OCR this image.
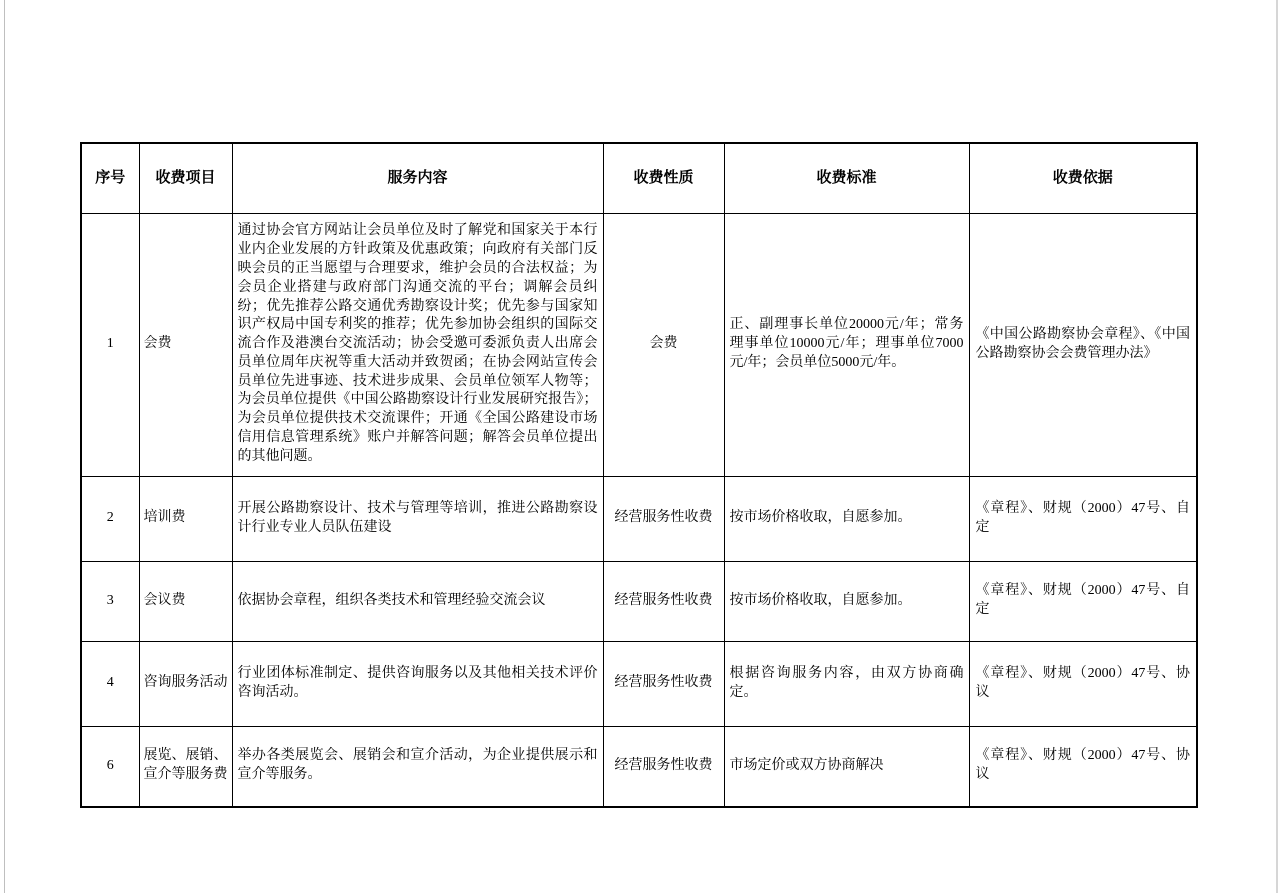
序号	收费项目	服务内容	收费性质	收费标准	收费依据
1	会费	通过协会官方网站让会员单位及时了解党和国家关于本行业内企业发展的方针政策及优惠政策；向政府有关部门反映会员的正当愿望与合理要求，维护会员的合法权益；为会员企业搭建与政府部门沟通交流的平台；调解会员纠纷；优先推荐公路交通优秀勘察设计奖；优先参与国家知识产权局中国专利奖的推荐；优先参加协会组织的国际交流合作及港澳台交流活动；协会受邀可委派负责人出席会员单位周年庆祝等重大活动并致贺函；在协会网站宣传会员单位先进事迹、技术进步成果、会员单位领军人物等；为会员单位提供《中国公路勘察设计行业发展研究报告》；为会员单位提供技术交流课件；开通《全国公路建设市场信用信息管理系统》账户并解答问题；解答会员单位提出的其他问题。	会费	正、副理事长单位20000元/年；常务理事单位10000元/年；理事单位7000元/年；会员单位5000元/年。	《中国公路勘察协会章程》、《中国公路勘察协会会费管理办法》
2	培训费	开展公路勘察设计、技术与管理等培训，推进公路勘察设计行业专业人员队伍建设	经营服务性收费	按市场价格收取，自愿参加。	《章程》、财规（2000）47号、自定
3	会议费	依据协会章程，组织各类技术和管理经验交流会议	经营服务性收费	按市场价格收取，自愿参加。	《章程》、财规（2000）47号、自定
4	咨询服务活动	行业团体标准制定、提供咨询服务以及其他相关技术评价咨询活动。	经营服务性收费	根据咨询服务内容，由双方协商确定。	《章程》、财规（2000）47号、协议
6	展览、展销、宣介等服务费	举办各类展览会、展销会和宣介活动，为企业提供展示和宣介等服务。	经营服务性收费	市场定价或双方协商解决	《章程》、财规（2000）47号、协议
